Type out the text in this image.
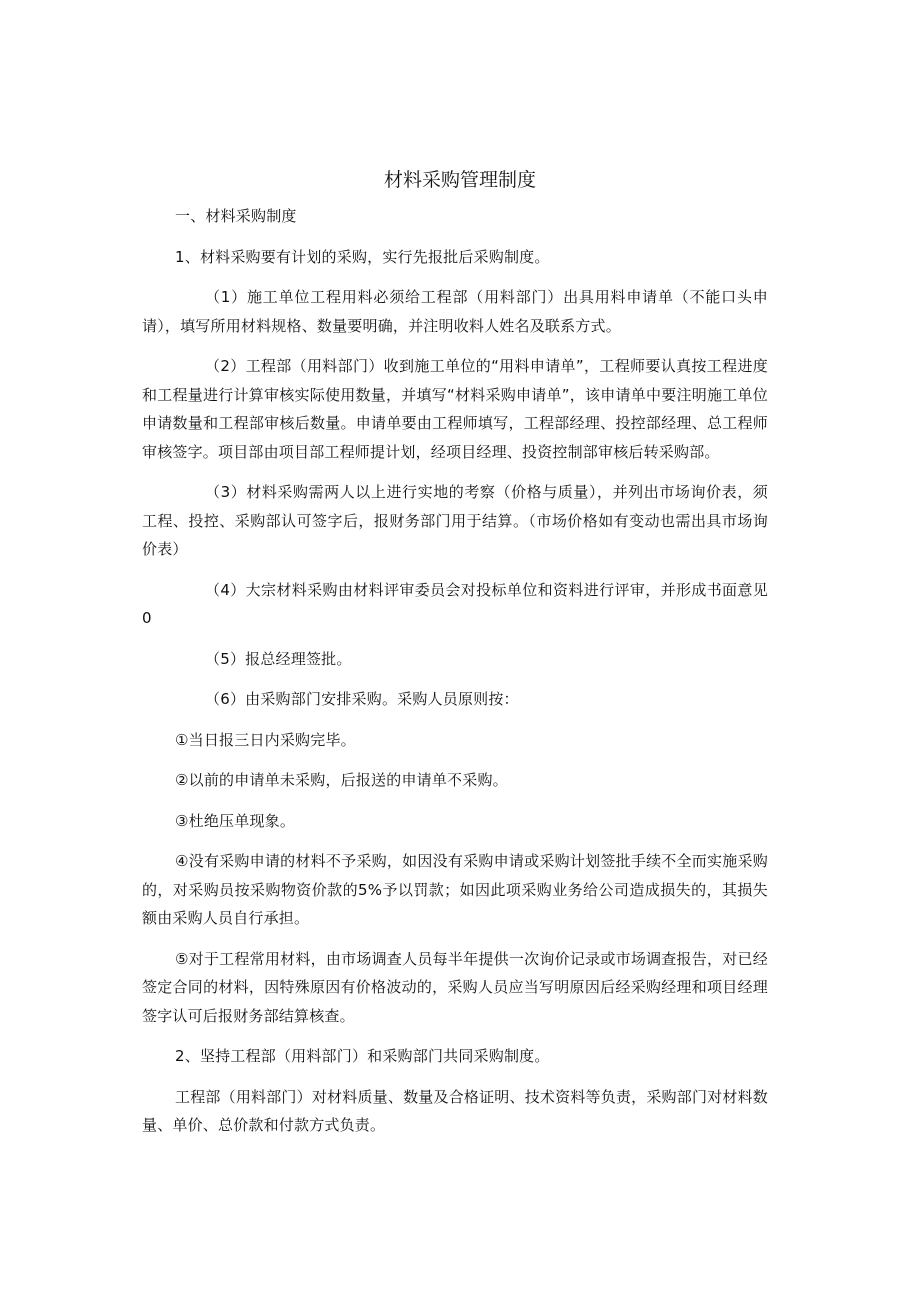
材料采购管理制度

一、材料采购制度

1、材料采购要有计划的采购，实行先报批后采购制度。

（1）施工单位工程用料必须给工程部（用料部门）出具用料申请单（不能口头申请），填写所用材料规格、数量要明确，并注明收料人姓名及联系方式。

（2）工程部（用料部门）收到施工单位的“用料申请单”，工程师要认真按工程进度和工程量进行计算审核实际使用数量，并填写“材料采购申请单”，该申请单中要注明施工单位申请数量和工程部审核后数量。申请单要由工程师填写，工程部经理、投控部经理、总工程师审核签字。项目部由项目部工程师提计划，经项目经理、投资控制部审核后转采购部。

（3）材料采购需两人以上进行实地的考察（价格与质量），并列出市场询价表，须工程、投控、采购部认可签字后，报财务部门用于结算。（市场价格如有变动也需出具市场询价表）

（4）大宗材料采购由材料评审委员会对投标单位和资料进行评审，并形成书面意见0

（5）报总经理签批。

（6）由采购部门安排采购。采购人员原则按：

①当日报三日内采购完毕。

②以前的申请单未采购，后报送的申请单不采购。

③杜绝压单现象。

④没有采购申请的材料不予采购，如因没有采购申请或采购计划签批手续不全而实施采购的，对采购员按采购物资价款的5%予以罚款；如因此项采购业务给公司造成损失的，其损失额由采购人员自行承担。

⑤对于工程常用材料，由市场调查人员每半年提供一次询价记录或市场调查报告，对已经签定合同的材料，因特殊原因有价格波动的，采购人员应当写明原因后经采购经理和项目经理签字认可后报财务部结算核查。

2、坚持工程部（用料部门）和采购部门共同采购制度。

工程部（用料部门）对材料质量、数量及合格证明、技术资料等负责，采购部门对材料数量、单价、总价款和付款方式负责。
